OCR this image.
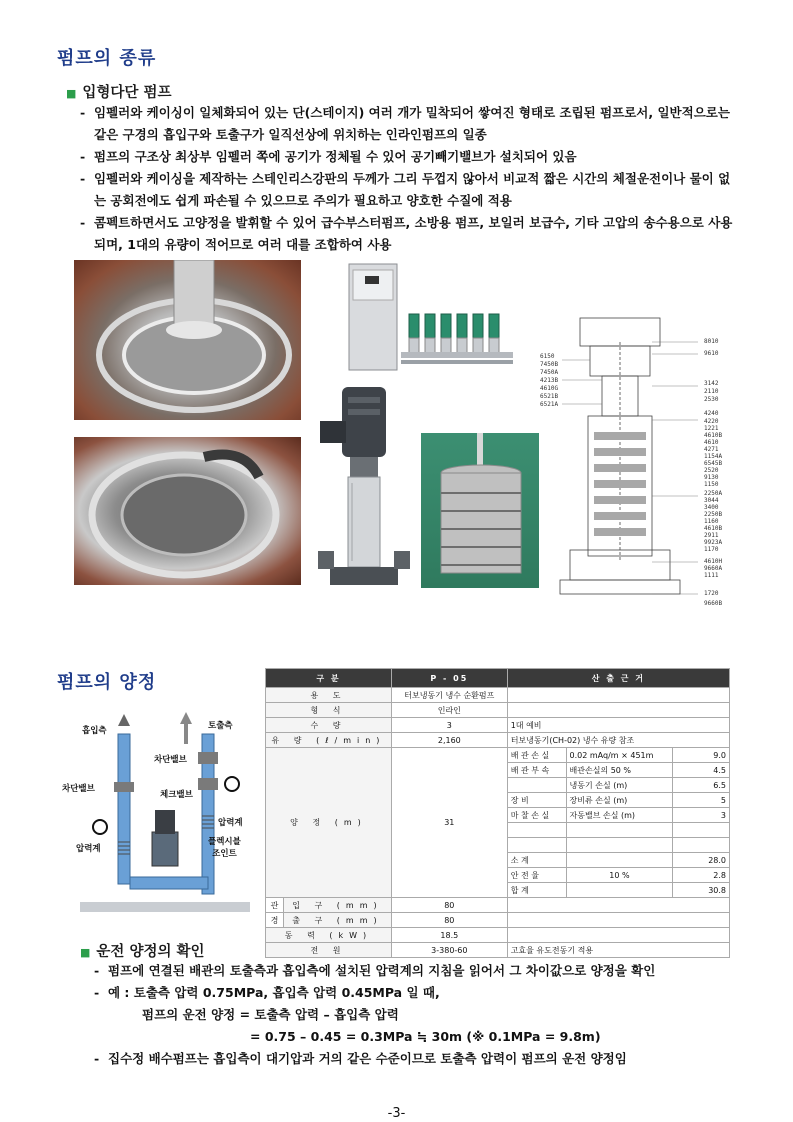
펌프의 종류
■ 입형다단 펌프
- 임펠러와 케이싱이 일체화되어 있는 단(스테이지) 여러 개가 밀착되어 쌓여진 형태로 조립된 펌프로서, 일반적으로는 같은 구경의 흡입구와 토출구가 일직선상에 위치하는 인라인펌프의 일종
- 펌프의 구조상 최상부 임펠러 쪽에 공기가 정체될 수 있어 공기빼기밸브가 설치되어 있음
- 임펠러와 케이싱을 제작하는 스테인리스강판의 두께가 그리 두껍지 않아서 비교적 짧은 시간의 체절운전이나 물이 없는 공회전에도 쉽게 파손될 수 있으므로 주의가 필요하고 양호한 수질에 적용
- 콤펙트하면서도 고양정을 발휘할 수 있어 급수부스터펌프, 소방용 펌프, 보일러 보급수, 기타 고압의 송수용으로 사용되며, 1대의 유량이 적어므로 여러 대를 조합하여 사용
6150
7450B
7450A
4213B
4610G
6521B
6521A
8010
9610
3142
2110
2530
4240
4220
1221
4610B
4610
4271
1154A
6545B
2520
9130
1150
2250A
3044
3400
2250B
1160
4610B
2911
9923A
1170
4610H
9660A
1111
1720
9660B
펌프의 양정
흡입측	토출측
차단밸브
차단밸브
체크밸브
압력계
압력계
플렉시블
조인트
구 분		P - 05	산 출 근 거		
용 도		터보냉동기 냉수 순환펌프			
형 식		인라인			
수 량		3	1대 예비		
유 량 (ℓ/min)		2,160	터보냉동기(CH-02) 냉수 유량 참조		
양 정 (m)		31	배 관 손 실	0.02 mAq/m × 451m	9.0
			배 관 부 속	배관손실의 50 %	4.5
				냉동기 손실 (m)	6.5
			장 비	장비류 손실 (m)	5
			마 찰 손 실	자동밸브 손실 (m)	3

			소 계		28.0
			안 전 율	10 %	2.8
			합 계		30.8
관	입 구 (mm)	80			
경	출 구 (mm)	80			
동 력 (kW)		18.5			
전 원		3-380-60	고효율 유도전동기 적용		
■ 운전 양정의 확인
- 펌프에 연결된 배관의 토출측과 흡입측에 설치된 압력계의 지침을 읽어서 그 차이값으로 양정을 확인
- 예 : 토출측 압력 0.75MPa, 흡입측 압력 0.45MPa 일 때,
펌프의 운전 양정 = 토출측 압력 – 흡입측 압력
= 0.75 – 0.45 = 0.3MPa ≒ 30m (※ 0.1MPa = 9.8m)
- 집수정 배수펌프는 흡입측이 대기압과 거의 같은 수준이므로 토출측 압력이 펌프의 운전 양정임
-3-
